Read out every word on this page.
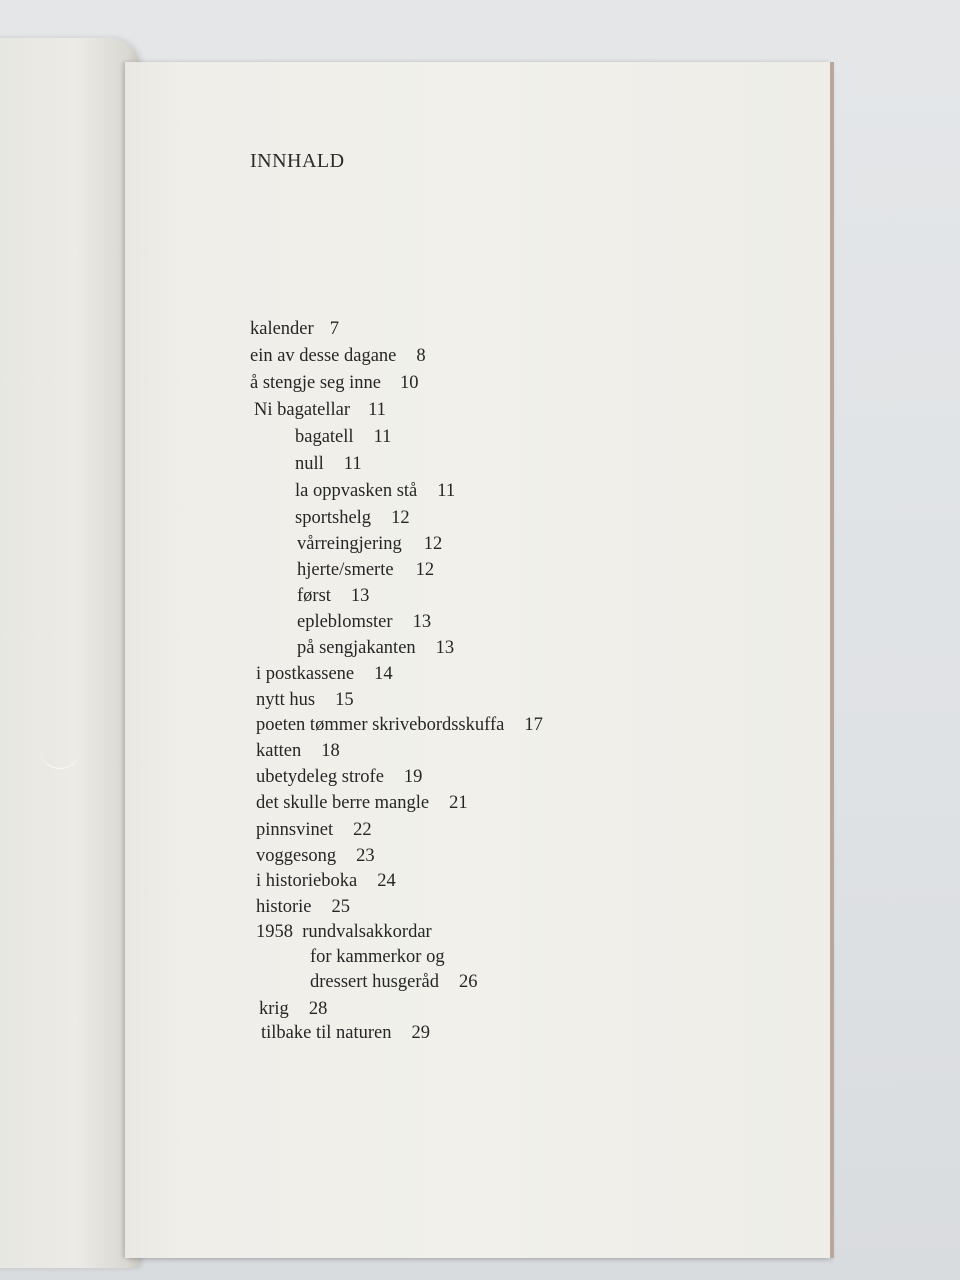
INNHALD
kalender 7
ein av desse dagane 8
å stengje seg inne 10
Ni bagatellar 11
bagatell 11
null 11
la oppvasken stå 11
sportshelg 12
vårreingjering 12
hjerte/smerte 12
først 13
epleblomster 13
på sengjakanten 13
i postkassene 14
nytt hus 15
poeten tømmer skrivebordsskuffa 17
katten 18
ubetydeleg strofe 19
det skulle berre mangle 21
pinnsvinet 22
voggesong 23
i historieboka 24
historie 25
1958  rundvalsakkordar
for kammerkor og
dressert husgeråd 26
krig 28
tilbake til naturen 29
